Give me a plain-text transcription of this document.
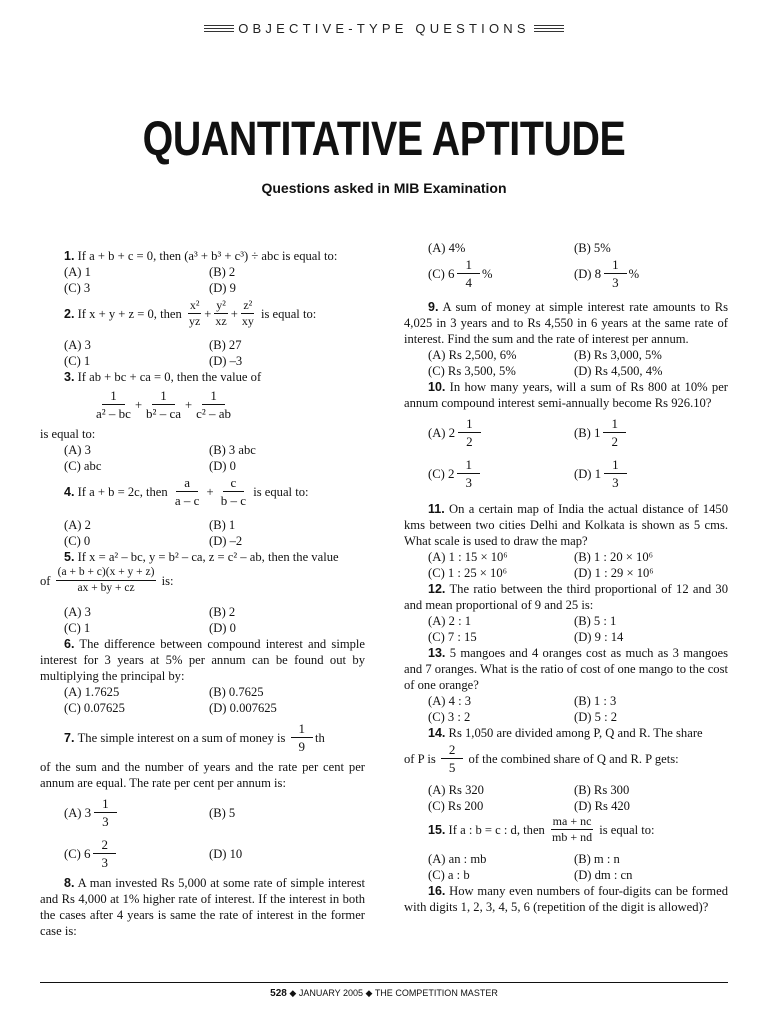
OBJECTIVE-TYPE QUESTIONS
QUANTITATIVE APTITUDE
Questions asked in MIB Examination
1. If a + b + c = 0, then (a³ + b³ + c³) ÷ abc is equal to:
(A) 1	(B) 2
(C) 3	(D) 9
2.
If x + y + z = 0, then
$\frac{\text{x²}}{yz} + \frac{\text{y²}}{xz} + \frac{\text{z²}}{xy}$
is equal to:
(A) 3	(B) 27
(C) 1	(D) –3
3. If ab + bc + ca = 0, then the value of
$\frac{1}{\text{a² – bc}} + \frac{1}{\text{b² – ca}} + \frac{1}{\text{c² – ab}}$
is equal to:
(A) 3	(B) 3 abc
(C) abc	(D) 0
4.
If a + b = 2c, then
$\frac{a}{a - c} + \frac{c}{b - c}$
is equal to:
(A) 2	(B) 1
(C) 0	(D) –2
5. If x = a² – bc, y = b² – ca, z = c² – ab, then the value
of
$\frac{(a + b + c)(x + y + z)}{ax + by + cz}$
is:
(A) 3	(B) 2
(C) 1	(D) 0
6. The difference between compound interest and simple interest for 3 years at 5% per annum can be found out by multiplying the principal by:
(A) 1.7625	(B) 0.7625
(C) 0.07625	(D) 0.007625
7.
The simple interest on a sum of money is
$\frac{1}{9}$ th
of the sum and the number of years and the rate per cent per annum are equal. The rate per cent per annum is:
(A)
$3 \frac{1}{3}$	(B) 5
(C)
$6 \frac{2}{3}$	(D) 10
8. A man invested Rs 5,000 at some rate of simple interest and Rs 4,000 at 1% higher rate of interest. If the interest in both the cases after 4 years is same the rate of interest in the former case is:
(A) 4%	(B) 5%
(C)
$6 \frac{1}{4}$ %	(D)
$8 \frac{1}{3}$ %
9. A sum of money at simple interest rate amounts to Rs 4,025 in 3 years and to Rs 4,550 in 6 years at the same rate of interest. Find the sum and the rate of interest per annum.
(A) Rs 2,500, 6%	(B) Rs 3,000, 5%
(C) Rs 3,500, 5%	(D) Rs 4,500, 4%
10. In how many years, will a sum of Rs 800 at 10% per annum compound interest semi-annually become Rs 926.10?
(A)
$2 \frac{1}{2}$	(B)
$1 \frac{1}{2}$
(C)
$2 \frac{1}{3}$	(D)
$1 \frac{1}{3}$
11. On a certain map of India the actual distance of 1450 kms between two cities Delhi and Kolkata is shown as 5 cms. What scale is used to draw the map?
(A) 1 : 15 × 10⁶	(B) 1 : 20 × 10⁶
(C) 1 : 25 × 10⁶	(D) 1 : 29 × 10⁶
12. The ratio between the third proportional of 12 and 30 and mean proportional of 9 and 25 is:
(A) 2 : 1	(B) 5 : 1
(C) 7 : 15	(D) 9 : 14
13. 5 mangoes and 4 oranges cost as much as 3 mangoes and 7 oranges. What is the ratio of cost of one mango to the cost of one orange?
(A) 4 : 3	(B) 1 : 3
(C) 3 : 2	(D) 5 : 2
14. Rs 1,050 are divided among P, Q and R. The share
of P is
$\frac{2}{5}$
of the combined share of Q and R. P gets:
(A) Rs 320	(B) Rs 300
(C) Rs 200	(D) Rs 420
15.
If a : b = c : d, then
$\frac{ma + nc}{mb + nd}$
is equal to:
(A) an : mb	(B) m : n
(C) a : b	(D) dm : cn
16. How many even numbers of four-digits can be formed with digits 1, 2, 3, 4, 5, 6 (repetition of the digit is allowed)?
528 ◆ JANUARY 2005 ◆ THE COMPETITION MASTER
